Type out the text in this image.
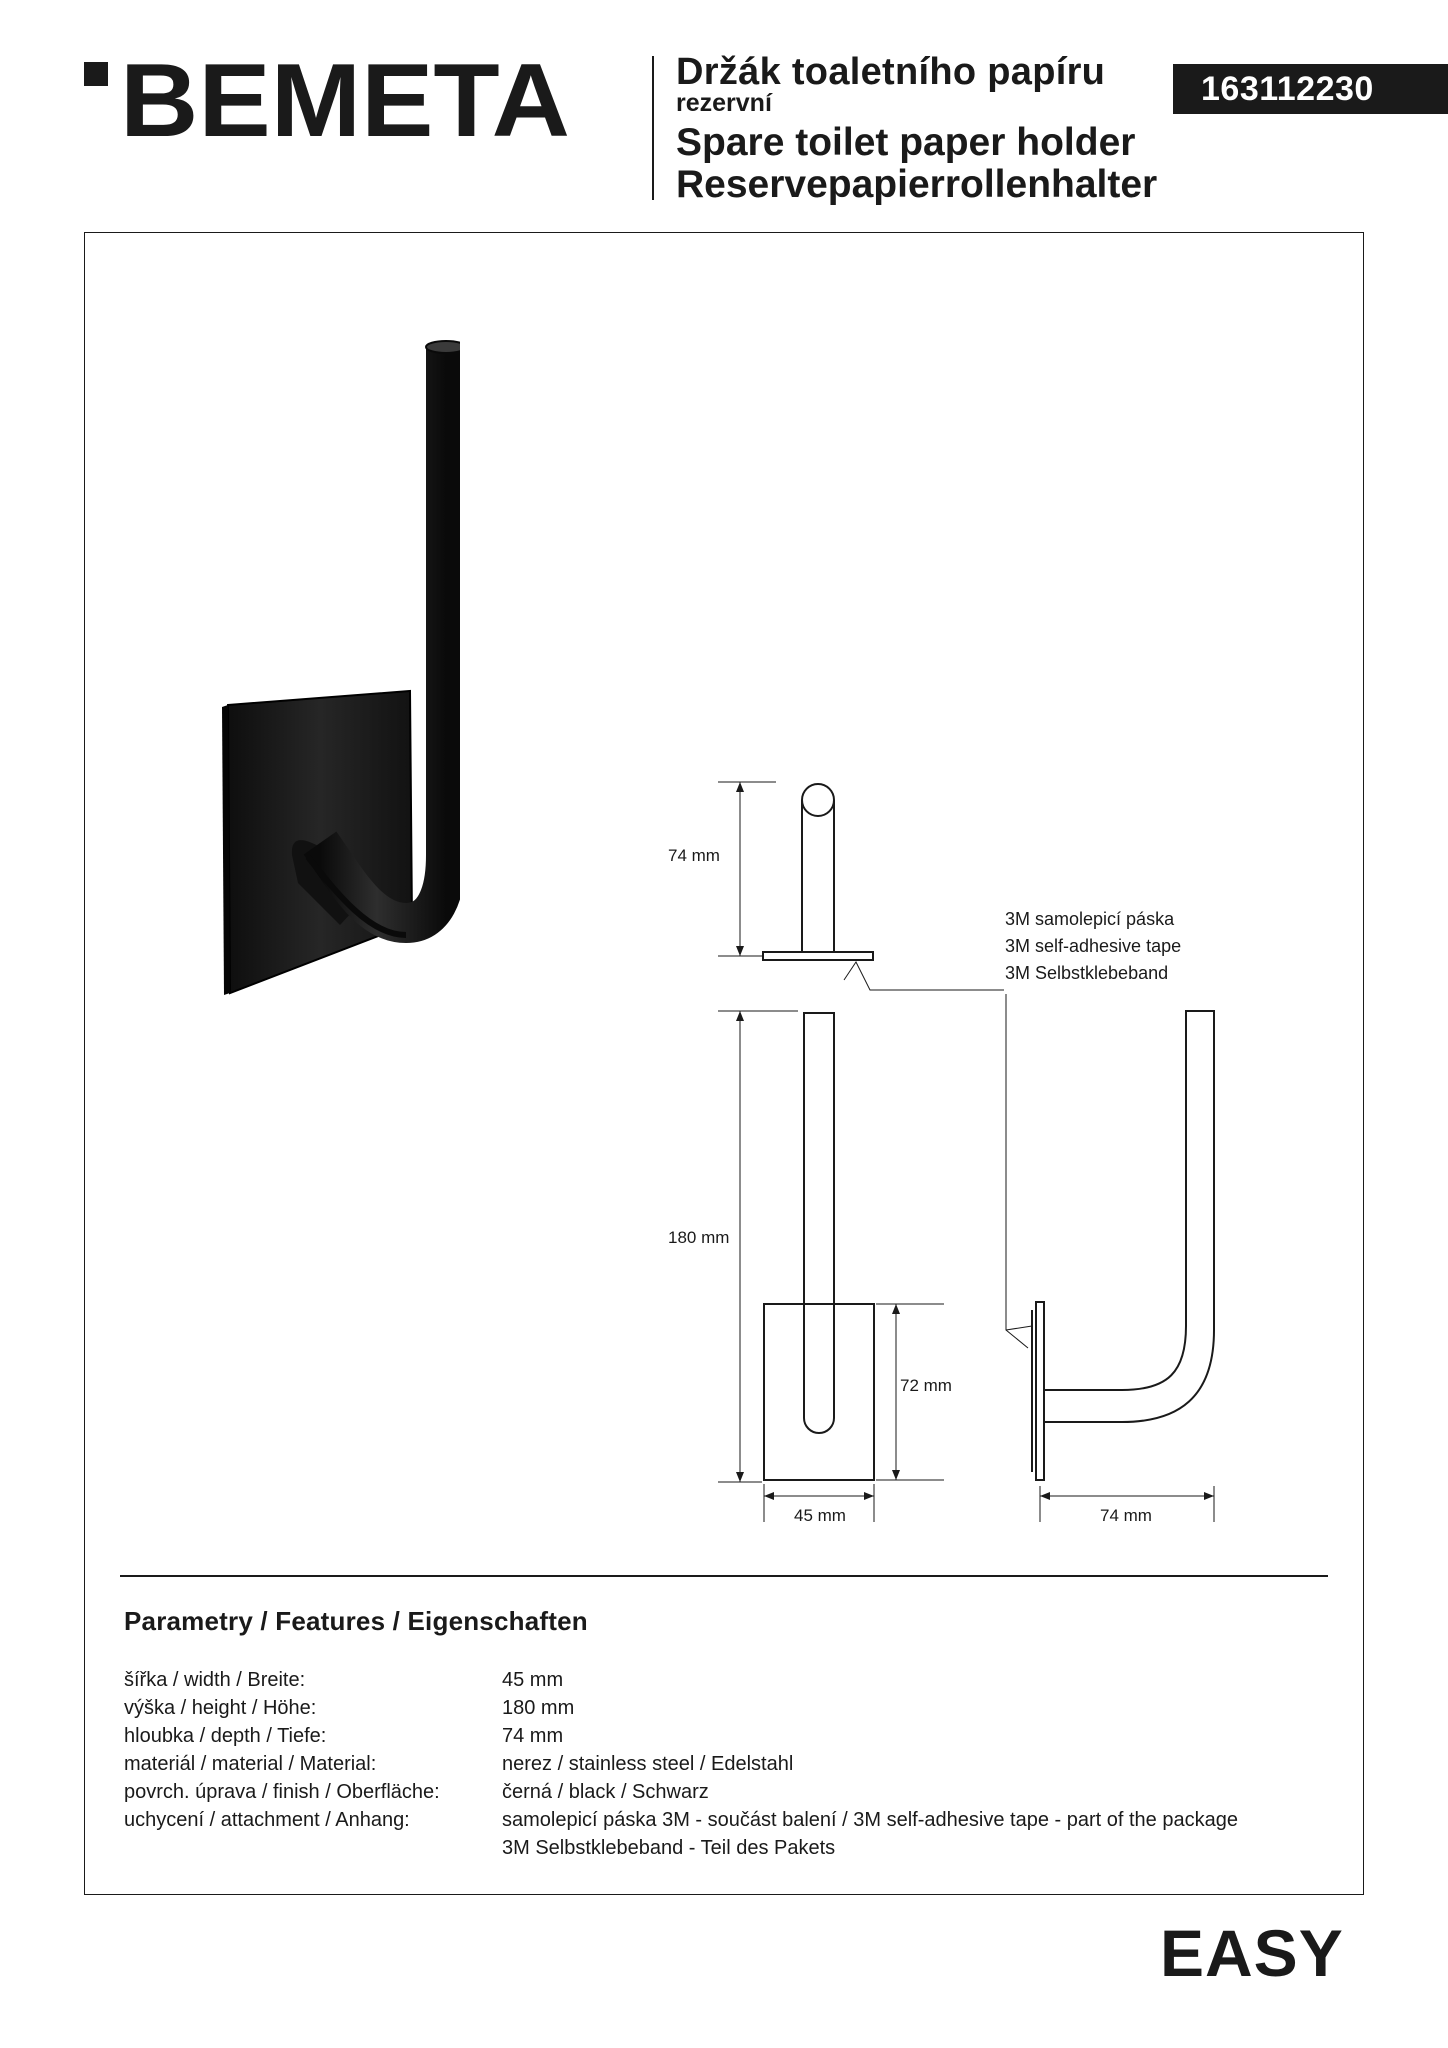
BEMETA	Držák toaletního papíru
rezervní
Spare toilet paper holder
Reservepapierrollenhalter
163112230
74 mm
180 mm
72 mm
45 mm	74 mm
3M samolepicí páska
3M self-adhesive tape
3M Selbstklebeband
Parametry / Features / Eigenschaften
šířka / width / Breite:	45 mm
výška / height / Höhe:	180 mm
hloubka / depth / Tiefe:	74 mm
materiál / material / Material:	nerez / stainless steel / Edelstahl
povrch. úprava / finish / Oberfläche:	černá / black / Schwarz
uchycení / attachment / Anhang:	samolepicí páska 3M - součást balení / 3M self-adhesive tape - part of the package
3M Selbstklebeband - Teil des Pakets
EASY
